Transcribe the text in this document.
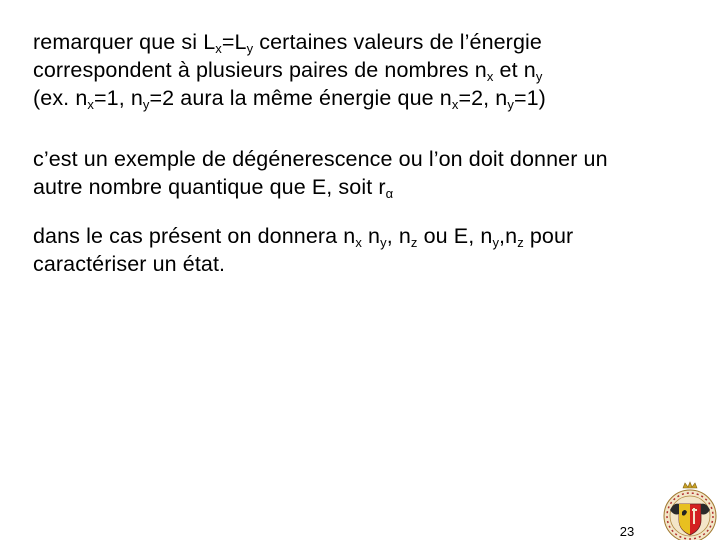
remarquer que si $L_x=L_y$ certaines valeurs de l’énergie
correspondent à plusieurs paires de nombres $n_x$ et $n_y$
(ex. $n_x=1$, $n_y=2$ aura la même énergie que $n_x=2$, $n_y=1$)
c’est un exemple de dégénerescence ou l’on doit donner un
autre nombre quantique que E, soit $r_\alpha$
dans le cas présent on donnera $n_x$ $n_y$, $n_z$ ou E, $n_y,n_z$ pour
caractériser un état.
23
